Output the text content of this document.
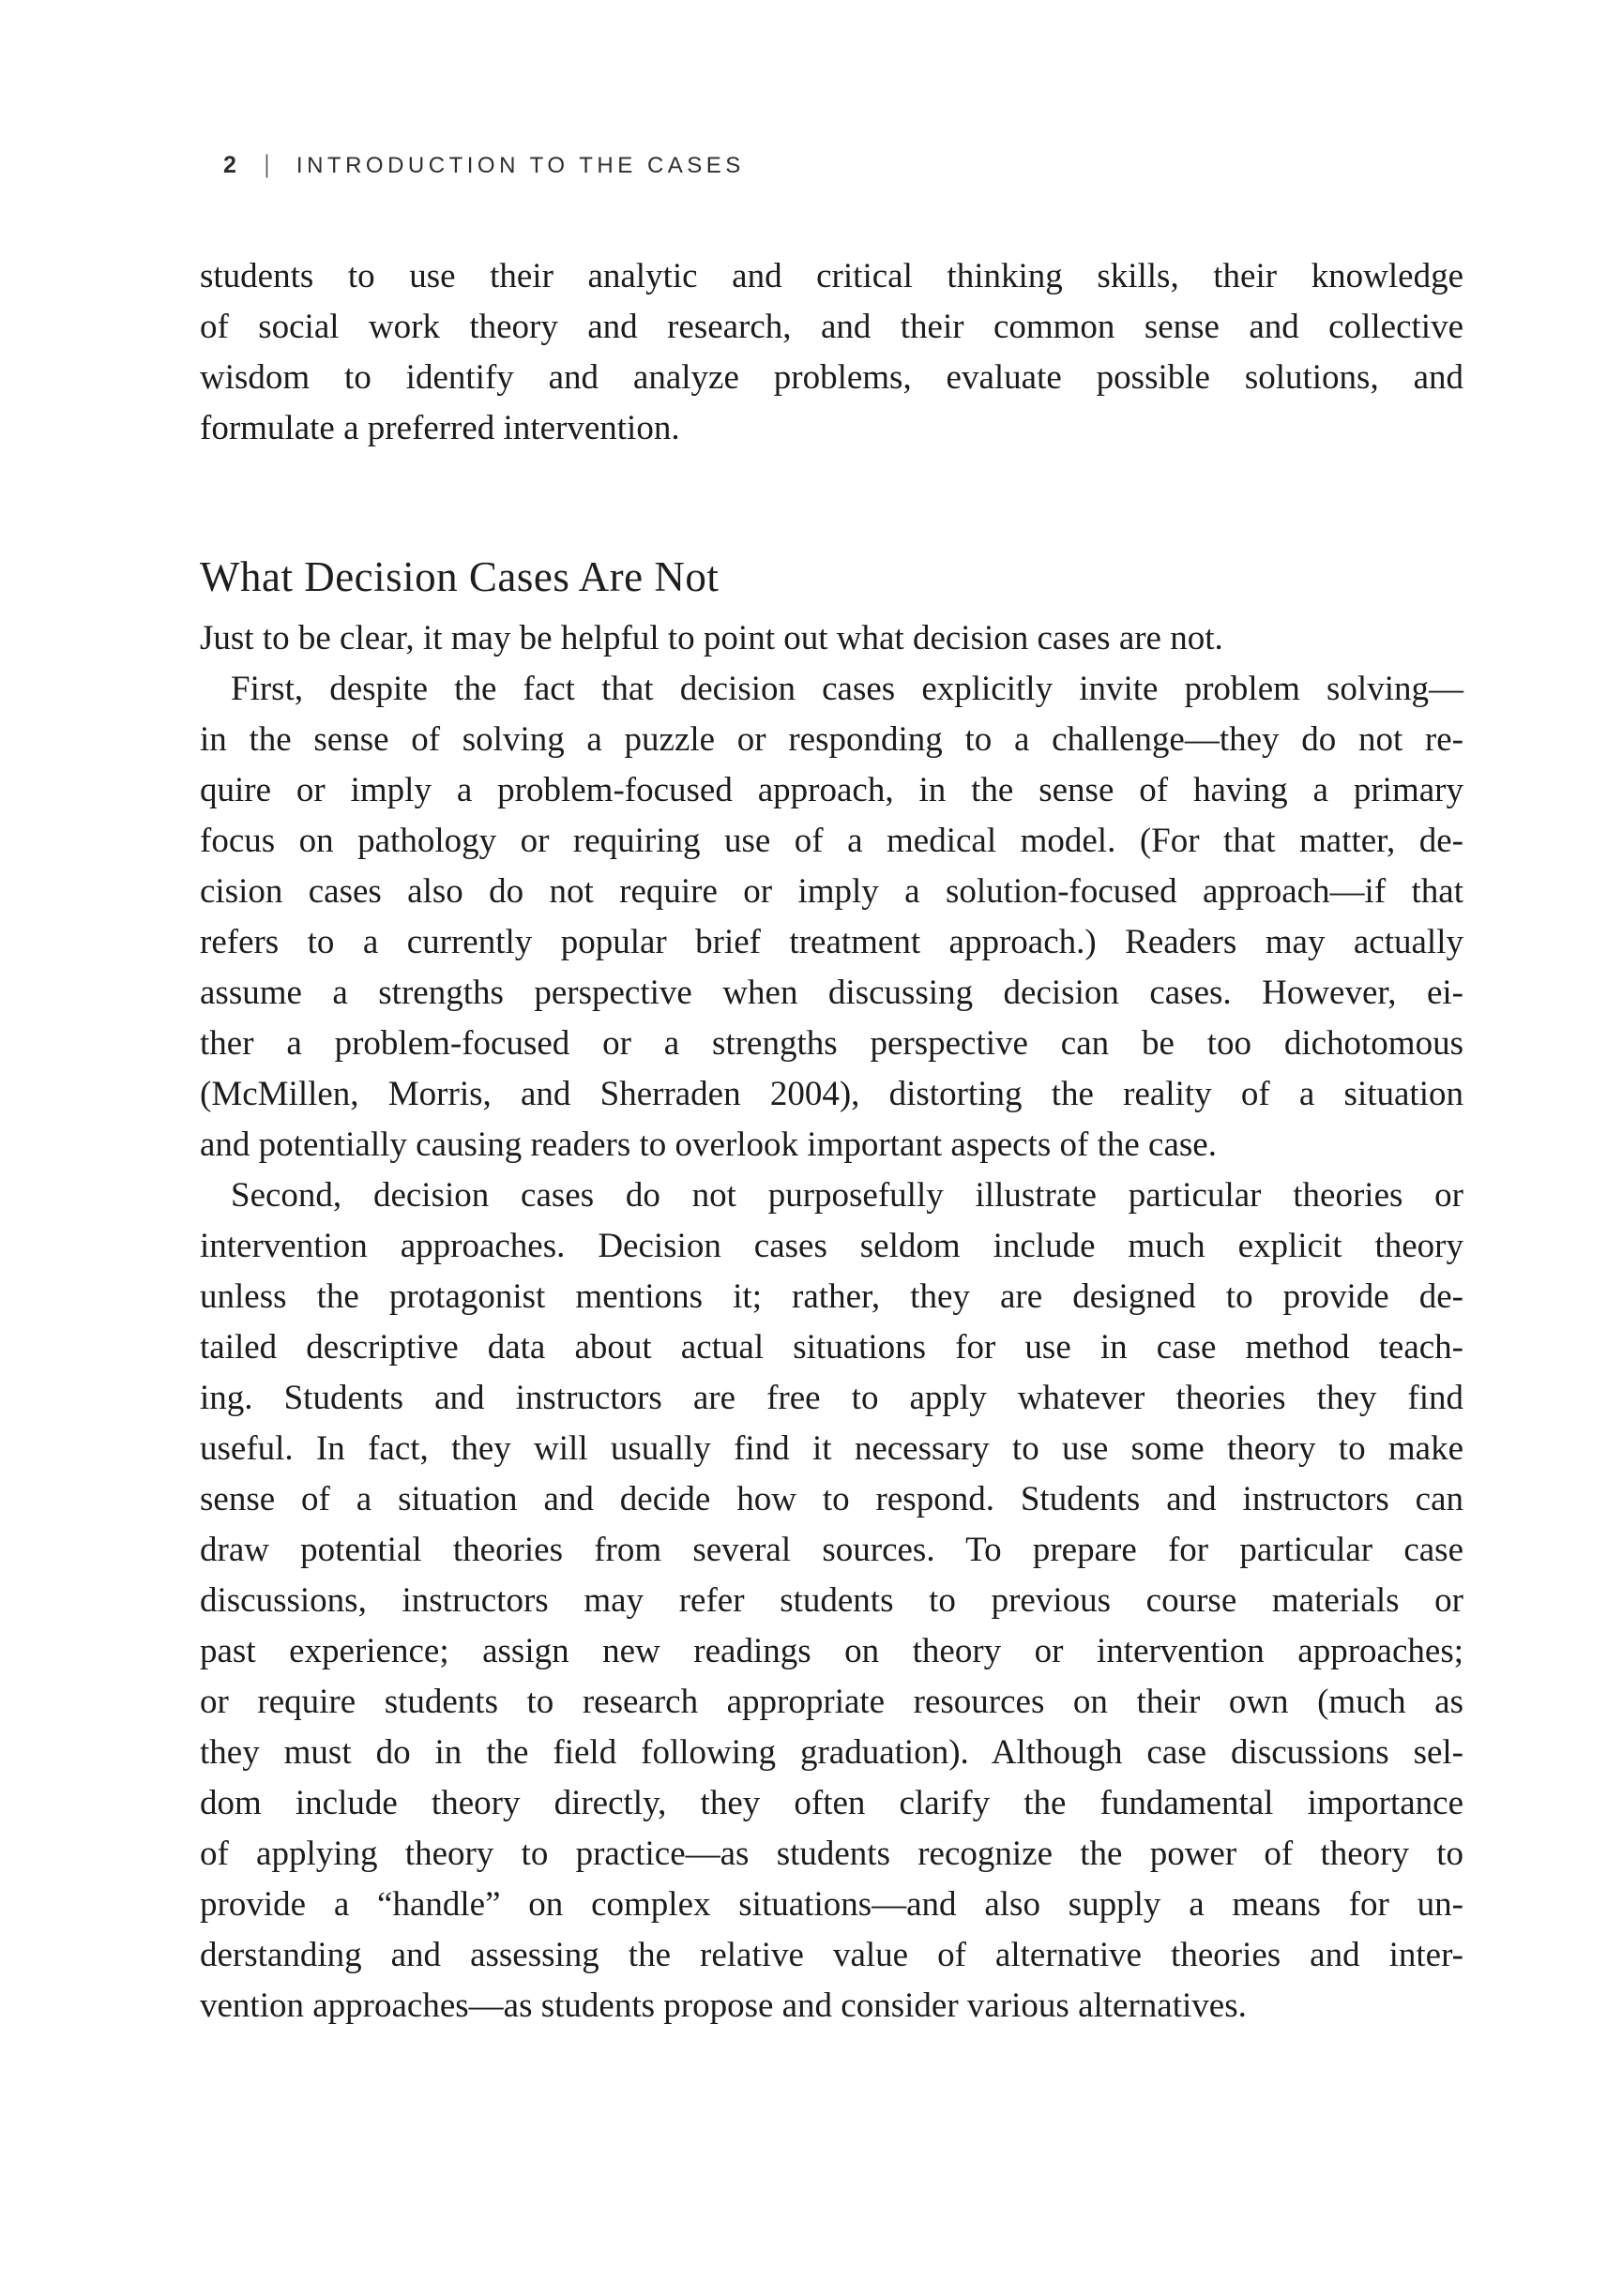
2 | INTRODUCTION TO THE CASES
students to use their analytic and critical thinking skills, their knowledge
of social work theory and research, and their common sense and collective
wisdom to identify and analyze problems, evaluate possible solutions, and
formulate a preferred intervention.
What Decision Cases Are Not
Just to be clear, it may be helpful to point out what decision cases are not.
First, despite the fact that decision cases explicitly invite problem solving—
in the sense of solving a puzzle or responding to a challenge—they do not re-
quire or imply a problem-focused approach, in the sense of having a primary
focus on pathology or requiring use of a medical model. (For that matter, de-
cision cases also do not require or imply a solution-focused approach—if that
refers to a currently popular brief treatment approach.) Readers may actually
assume a strengths perspective when discussing decision cases. However, ei-
ther a problem-focused or a strengths perspective can be too dichotomous
(McMillen, Morris, and Sherraden 2004), distorting the reality of a situation
and potentially causing readers to overlook important aspects of the case.
Second, decision cases do not purposefully illustrate particular theories or
intervention approaches. Decision cases seldom include much explicit theory
unless the protagonist mentions it; rather, they are designed to provide de-
tailed descriptive data about actual situations for use in case method teach-
ing. Students and instructors are free to apply whatever theories they find
useful. In fact, they will usually find it necessary to use some theory to make
sense of a situation and decide how to respond. Students and instructors can
draw potential theories from several sources. To prepare for particular case
discussions, instructors may refer students to previous course materials or
past experience; assign new readings on theory or intervention approaches;
or require students to research appropriate resources on their own (much as
they must do in the field following graduation). Although case discussions sel-
dom include theory directly, they often clarify the fundamental importance
of applying theory to practice—as students recognize the power of theory to
provide a “handle” on complex situations—and also supply a means for un-
derstanding and assessing the relative value of alternative theories and inter-
vention approaches—as students propose and consider various alternatives.
